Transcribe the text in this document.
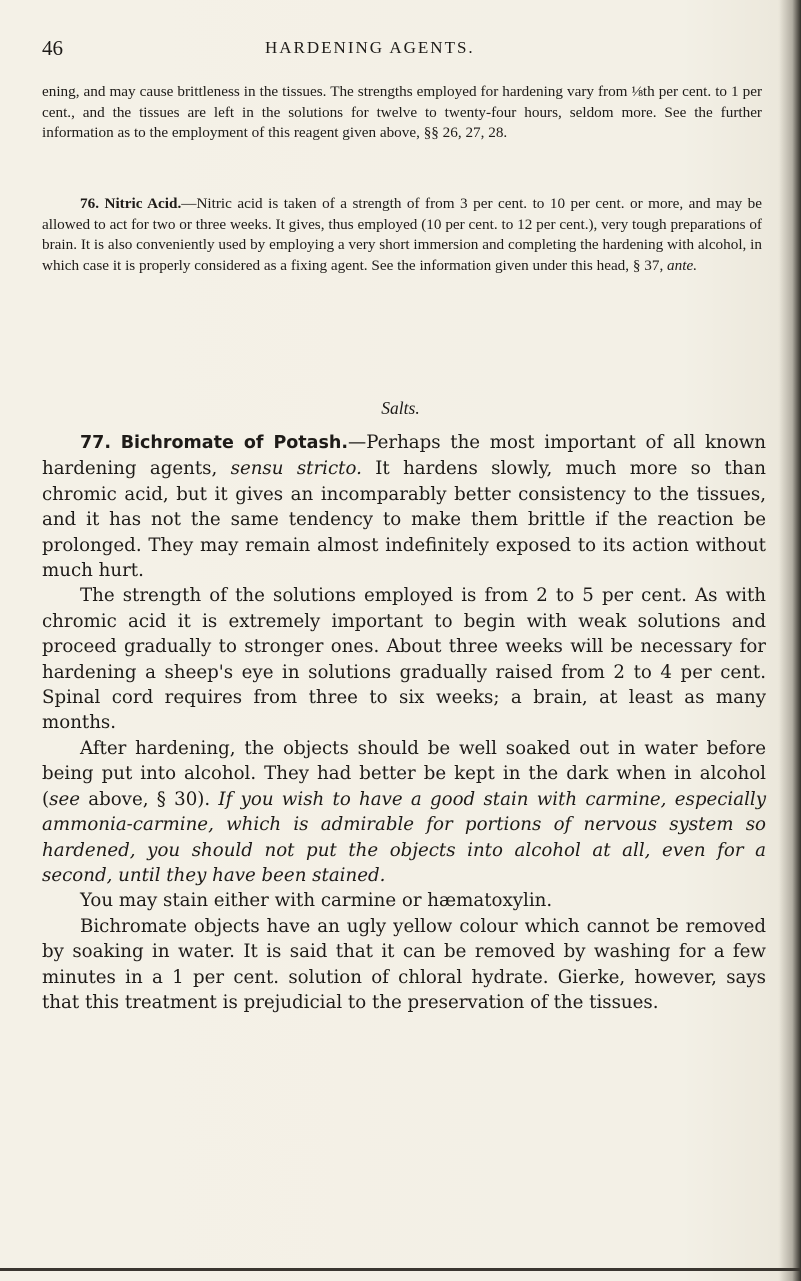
46	HARDENING AGENTS.

ening, and may cause brittleness in the tissues. The strengths employed for hardening vary from ⅛th per cent. to 1 per cent., and the tissues are left in the solutions for twelve to twenty-four hours, seldom more. See the further information as to the employment of this reagent given above, §§ 26, 27, 28.

76. Nitric Acid.—Nitric acid is taken of a strength of from 3 per cent. to 10 per cent. or more, and may be allowed to act for two or three weeks. It gives, thus employed (10 per cent. to 12 per cent.), very tough preparations of brain. It is also conveniently used by employing a very short immersion and completing the hardening with alcohol, in which case it is properly considered as a fixing agent. See the information given under this head, § 37, ante.

Salts.

77. Bichromate of Potash.—Perhaps the most important of all known hardening agents, sensu stricto. It hardens slowly, much more so than chromic acid, but it gives an incomparably better consistency to the tissues, and it has not the same tendency to make them brittle if the reaction be prolonged. They may remain almost indefinitely exposed to its action without much hurt.

The strength of the solutions employed is from 2 to 5 per cent. As with chromic acid it is extremely important to begin with weak solutions and proceed gradually to stronger ones. About three weeks will be necessary for hardening a sheep's eye in solutions gradually raised from 2 to 4 per cent. Spinal cord requires from three to six weeks; a brain, at least as many months.

After hardening, the objects should be well soaked out in water before being put into alcohol. They had better be kept in the dark when in alcohol (see above, § 30). If you wish to have a good stain with carmine, especially ammonia-carmine, which is admirable for portions of nervous system so hardened, you should not put the objects into alcohol at all, even for a second, until they have been stained.

You may stain either with carmine or hæmatoxylin.

Bichromate objects have an ugly yellow colour which cannot be removed by soaking in water. It is said that it can be removed by washing for a few minutes in a 1 per cent. solution of chloral hydrate. Gierke, however, says that this treatment is prejudicial to the preservation of the tissues.
